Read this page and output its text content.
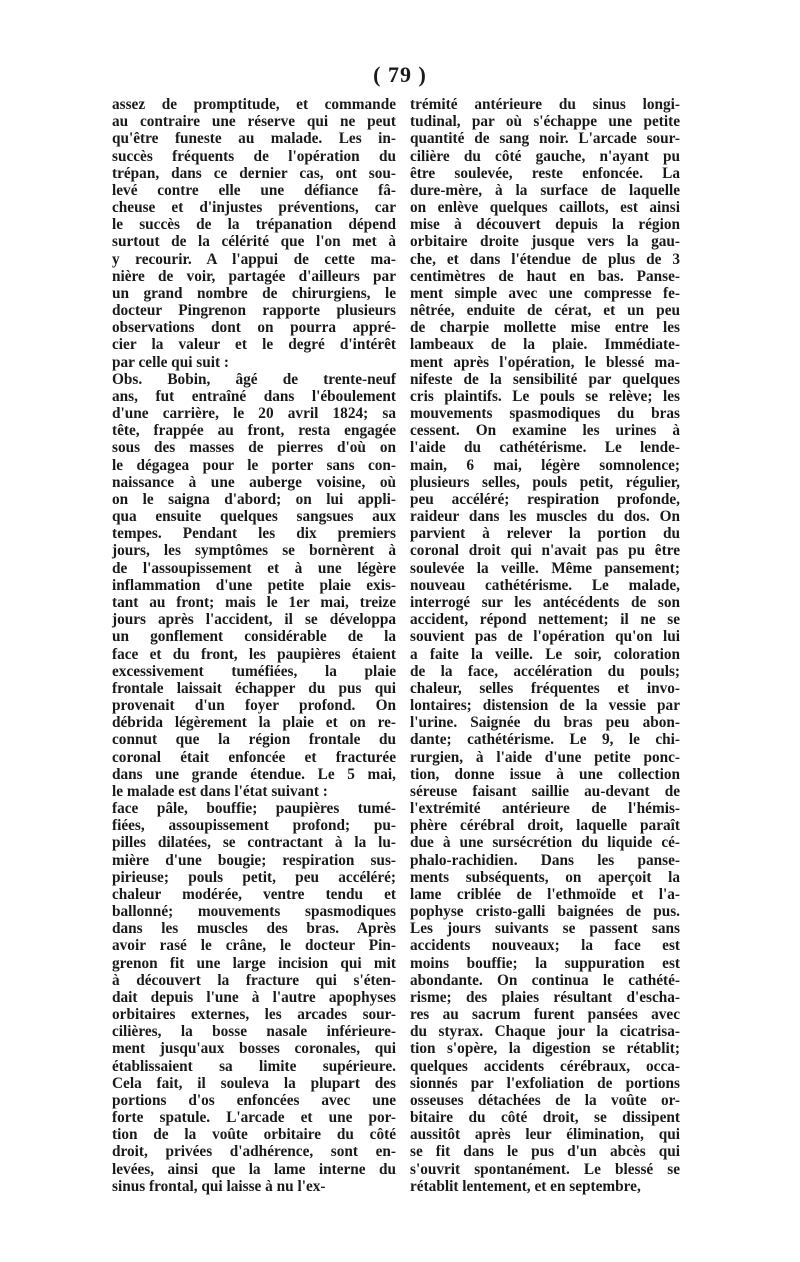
( 79 )
assez de promptitude, et commande
au contraire une réserve qui ne peut
qu'être funeste au malade. Les in-
succès fréquents de l'opération du
trépan, dans ce dernier cas, ont sou-
levé contre elle une défiance fâ-
cheuse et d'injustes préventions, car
le succès de la trépanation dépend
surtout de la célérité que l'on met à
y recourir. A l'appui de cette ma-
nière de voir, partagée d'ailleurs par
un grand nombre de chirurgiens, le
docteur Pingrenon rapporte plusieurs
observations dont on pourra appré-
cier la valeur et le degré d'intérêt
par celle qui suit :
Obs. Bobin, âgé de trente-neuf
ans, fut entraîné dans l'éboulement
d'une carrière, le 20 avril 1824; sa
tête, frappée au front, resta engagée
sous des masses de pierres d'où on
le dégagea pour le porter sans con-
naissance à une auberge voisine, où
on le saigna d'abord; on lui appli-
qua ensuite quelques sangsues aux
tempes. Pendant les dix premiers
jours, les symptômes se bornèrent à
de l'assoupissement et à une légère
inflammation d'une petite plaie exis-
tant au front; mais le 1er mai, treize
jours après l'accident, il se développa
un gonflement considérable de la
face et du front, les paupières étaient
excessivement tuméfiées, la plaie
frontale laissait échapper du pus qui
provenait d'un foyer profond. On
débrida légèrement la plaie et on re-
connut que la région frontale du
coronal était enfoncée et fracturée
dans une grande étendue. Le 5 mai,
le malade est dans l'état suivant :
face pâle, bouffie; paupières tumé-
fiées, assoupissement profond; pu-
pilles dilatées, se contractant à la lu-
mière d'une bougie; respiration sus-
pirieuse; pouls petit, peu accéléré;
chaleur modérée, ventre tendu et
ballonné; mouvements spasmodiques
dans les muscles des bras. Après
avoir rasé le crâne, le docteur Pin-
grenon fit une large incision qui mit
à découvert la fracture qui s'éten-
dait depuis l'une à l'autre apophyses
orbitaires externes, les arcades sour-
cilières, la bosse nasale inférieure-
ment jusqu'aux bosses coronales, qui
établissaient sa limite supérieure.
Cela fait, il souleva la plupart des
portions d'os enfoncées avec une
forte spatule. L'arcade et une por-
tion de la voûte orbitaire du côté
droit, privées d'adhérence, sont en-
levées, ainsi que la lame interne du
sinus frontal, qui laisse à nu l'ex-
trémité antérieure du sinus longi-
tudinal, par où s'échappe une petite
quantité de sang noir. L'arcade sour-
cilière du côté gauche, n'ayant pu
être soulevée, reste enfoncée. La
dure-mère, à la surface de laquelle
on enlève quelques caillots, est ainsi
mise à découvert depuis la région
orbitaire droite jusque vers la gau-
che, et dans l'étendue de plus de 3
centimètres de haut en bas. Panse-
ment simple avec une compresse fe-
nêtrée, enduite de cérat, et un peu
de charpie mollette mise entre les
lambeaux de la plaie. Immédiate-
ment après l'opération, le blessé ma-
nifeste de la sensibilité par quelques
cris plaintifs. Le pouls se relève; les
mouvements spasmodiques du bras
cessent. On examine les urines à
l'aide du cathétérisme. Le lende-
main, 6 mai, légère somnolence;
plusieurs selles, pouls petit, régulier,
peu accéléré; respiration profonde,
raideur dans les muscles du dos. On
parvient à relever la portion du
coronal droit qui n'avait pas pu être
soulevée la veille. Même pansement;
nouveau cathétérisme. Le malade,
interrogé sur les antécédents de son
accident, répond nettement; il ne se
souvient pas de l'opération qu'on lui
a faite la veille. Le soir, coloration
de la face, accélération du pouls;
chaleur, selles fréquentes et invo-
lontaires; distension de la vessie par
l'urine. Saignée du bras peu abon-
dante; cathétérisme. Le 9, le chi-
rurgien, à l'aide d'une petite ponc-
tion, donne issue à une collection
séreuse faisant saillie au-devant de
l'extrémité antérieure de l'hémis-
phère cérébral droit, laquelle paraît
due à une sursécrétion du liquide cé-
phalo-rachidien. Dans les panse-
ments subséquents, on aperçoit la
lame criblée de l'ethmoïde et l'a-
pophyse cristo-galli baignées de pus.
Les jours suivants se passent sans
accidents nouveaux; la face est
moins bouffie; la suppuration est
abondante. On continua le cathété-
risme; des plaies résultant d'escha-
res au sacrum furent pansées avec
du styrax. Chaque jour la cicatrisa-
tion s'opère, la digestion se rétablit;
quelques accidents cérébraux, occa-
sionnés par l'exfoliation de portions
osseuses détachées de la voûte or-
bitaire du côté droit, se dissipent
aussitôt après leur élimination, qui
se fit dans le pus d'un abcès qui
s'ouvrit spontanément. Le blessé se
rétablit lentement, et en septembre,
